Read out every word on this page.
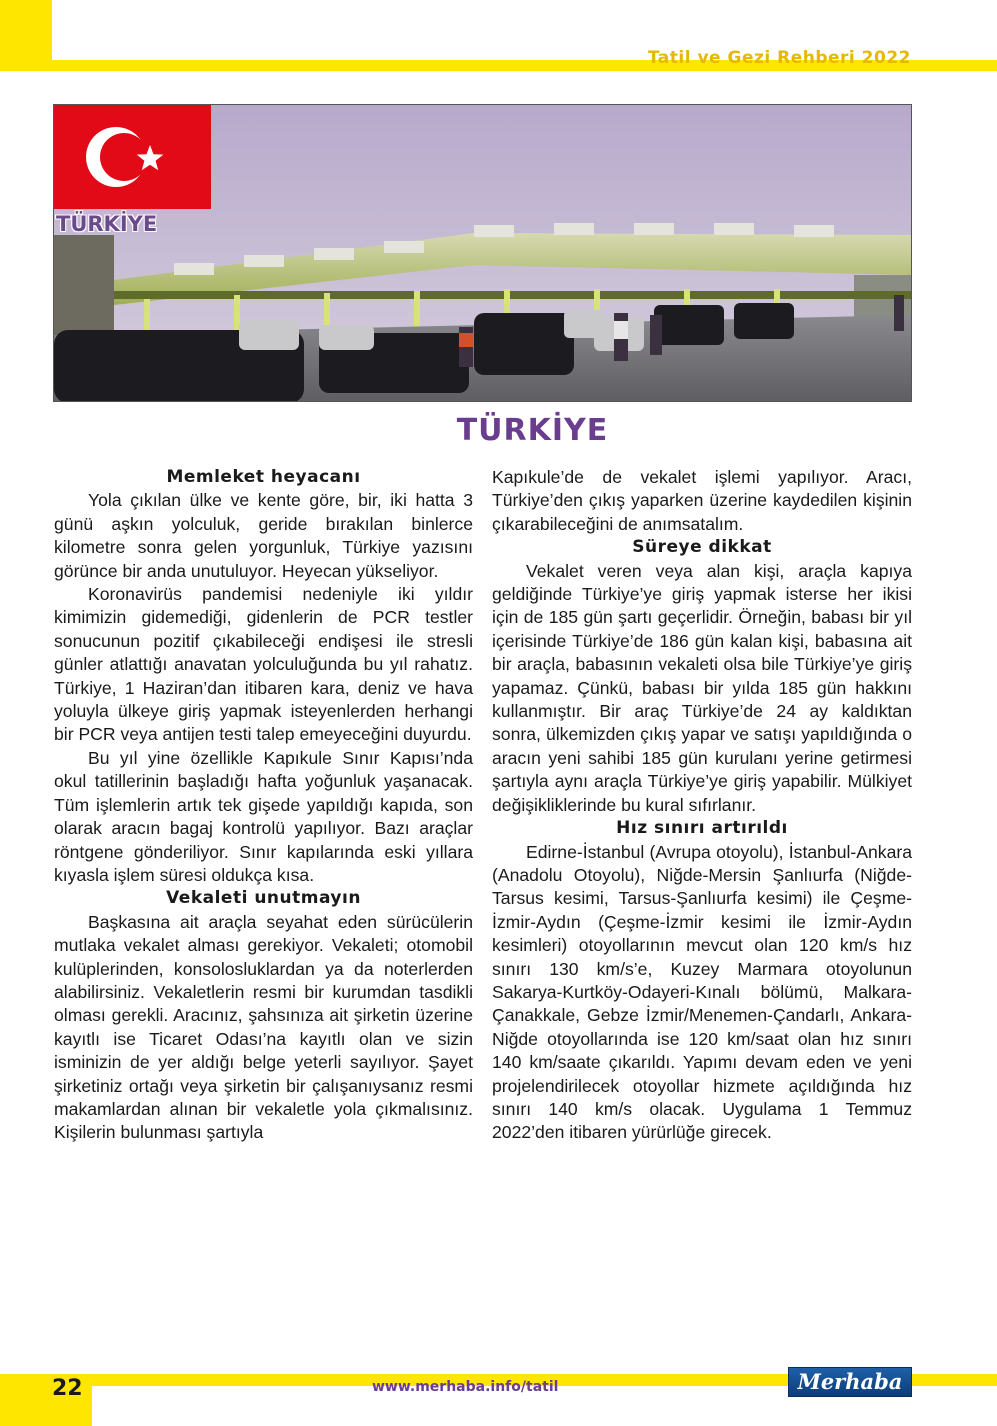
Tatil ve Gezi Rehberi 2022
TÜRKİYE
TÜRKİYE
Memleket heyacanı

Yola çıkılan ülke ve kente göre, bir, iki hatta 3 günü aşkın yolculuk, geride bırakılan binlerce kilometre sonra gelen yorgunluk, Türkiye yazısını görünce bir anda unutuluyor. Heyecan yükseliyor.

Koronavirüs pandemisi nedeniyle iki yıldır kimimizin gidemediği, gidenlerin de PCR testler sonucunun pozitif çıkabileceği endişesi ile stresli günler atlattığı anavatan yolculuğunda bu yıl rahatız. Türkiye, 1 Haziran’dan itibaren kara, deniz ve hava yoluyla ülkeye giriş yapmak isteyenlerden herhangi bir PCR veya antijen testi talep emeyeceğini duyurdu.

Bu yıl yine özellikle Kapıkule Sınır Kapısı’nda okul tatillerinin başladığı hafta yoğunluk yaşanacak. Tüm işlemlerin artık tek gişede yapıldığı kapıda, son olarak aracın bagaj kontrolü yapılıyor. Bazı araçlar röntgene gönderiliyor. Sınır kapılarında eski yıllara kıyasla işlem süresi oldukça kısa.

Vekaleti unutmayın

Başkasına ait araçla seyahat eden sürücülerin mutlaka vekalet alması gerekiyor. Vekaleti; otomobil kulüplerinden, konsolosluklardan ya da noterlerden alabilirsiniz. Vekaletlerin resmi bir kurumdan tasdikli olması gerekli. Aracınız, şahsınıza ait şirketin üzerine kayıtlı ise Ticaret Odası’na kayıtlı olan ve sizin isminizin de yer aldığı belge yeterli sayılıyor. Şayet şirketiniz ortağı veya şirketin bir çalışanıysanız resmi makamlardan alınan bir vekaletle yola çıkmalısınız. Kişilerin bulunması şartıyla

Kapıkule’de de vekalet işlemi yapılıyor. Aracı, Türkiye’den çıkış yaparken üzerine kaydedilen kişinin çıkarabileceğini de anımsatalım.

Süreye dikkat

Vekalet veren veya alan kişi, araçla kapıya geldiğinde Türkiye’ye giriş yapmak isterse her ikisi için de 185 gün şartı geçerlidir. Örneğin, babası bir yıl içerisinde Türkiye’de 186 gün kalan kişi, babasına ait bir araçla, babasının vekaleti olsa bile Türkiye’ye giriş yapamaz. Çünkü, babası bir yılda 185 gün hakkını kullanmıştır. Bir araç Türkiye’de 24 ay kaldıktan sonra, ülkemizden çıkış yapar ve satışı yapıldığında o aracın yeni sahibi 185 gün kurulanı yerine getirmesi şartıyla aynı araçla Türkiye’ye giriş yapabilir. Mülkiyet değişikliklerinde bu kural sıfırlanır.

Hız sınırı artırıldı

Edirne-İstanbul (Avrupa otoyolu), İstanbul-Ankara (Anadolu Otoyolu), Niğde-Mersin Şanlıurfa (Niğde- Tarsus kesimi, Tarsus-Şanlıurfa kesimi) ile Çeşme-İzmir-Aydın (Çeşme-İzmir kesimi ile İzmir-Aydın kesimleri) otoyollarının mevcut olan 120 km/s hız sınırı 130 km/s’e, Kuzey Marmara otoyolunun Sakarya-Kurtköy-Odayeri-Kınalı bölümü, Malkara-Çanakkale, Gebze İzmir/Menemen-Çandarlı, Ankara-Niğde otoyollarında ise 120 km/saat olan hız sınırı 140 km/saate çıkarıldı. Yapımı devam eden ve yeni projelendirilecek otoyollar hizmete açıldığında hız sınırı 140 km/s olacak. Uygulama 1 Temmuz 2022’den itibaren yürürlüğe girecek.

22	www.merhaba.info/tatil	Merhaba
